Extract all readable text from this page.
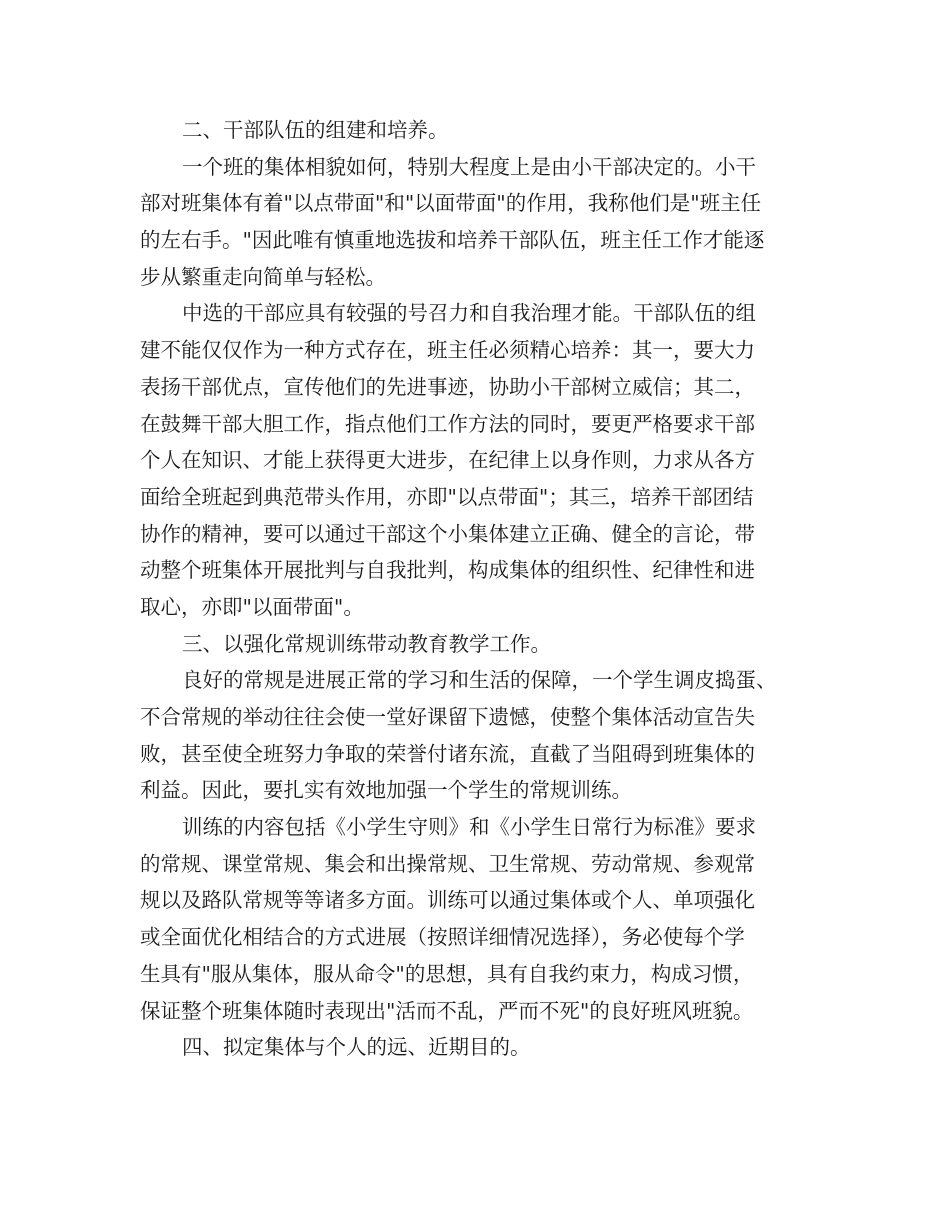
二、干部队伍的组建和培养。
一个班的集体相貌如何，特别大程度上是由小干部决定的。小干
部对班集体有着"以点带面"和"以面带面"的作用，我称他们是"班主任
的左右手。"因此唯有慎重地选拔和培养干部队伍，班主任工作才能逐
步从繁重走向简单与轻松。
中选的干部应具有较强的号召力和自我治理才能。干部队伍的组
建不能仅仅作为一种方式存在，班主任必须精心培养：其一，要大力
表扬干部优点，宣传他们的先进事迹，协助小干部树立威信；其二，
在鼓舞干部大胆工作，指点他们工作方法的同时，要更严格要求干部
个人在知识、才能上获得更大进步，在纪律上以身作则，力求从各方
面给全班起到典范带头作用，亦即"以点带面"；其三，培养干部团结
协作的精神，要可以通过干部这个小集体建立正确、健全的言论，带
动整个班集体开展批判与自我批判，构成集体的组织性、纪律性和进
取心，亦即"以面带面"。
三、以强化常规训练带动教育教学工作。
良好的常规是进展正常的学习和生活的保障，一个学生调皮捣蛋、
不合常规的举动往往会使一堂好课留下遗憾，使整个集体活动宣告失
败，甚至使全班努力争取的荣誉付诸东流，直截了当阻碍到班集体的
利益。因此，要扎实有效地加强一个学生的常规训练。
训练的内容包括《小学生守则》和《小学生日常行为标准》要求
的常规、课堂常规、集会和出操常规、卫生常规、劳动常规、参观常
规以及路队常规等等诸多方面。训练可以通过集体或个人、单项强化
或全面优化相结合的方式进展（按照详细情况选择），务必使每个学
生具有"服从集体，服从命令"的思想，具有自我约束力，构成习惯，
保证整个班集体随时表现出"活而不乱，严而不死"的良好班风班貌。
四、拟定集体与个人的远、近期目的。
